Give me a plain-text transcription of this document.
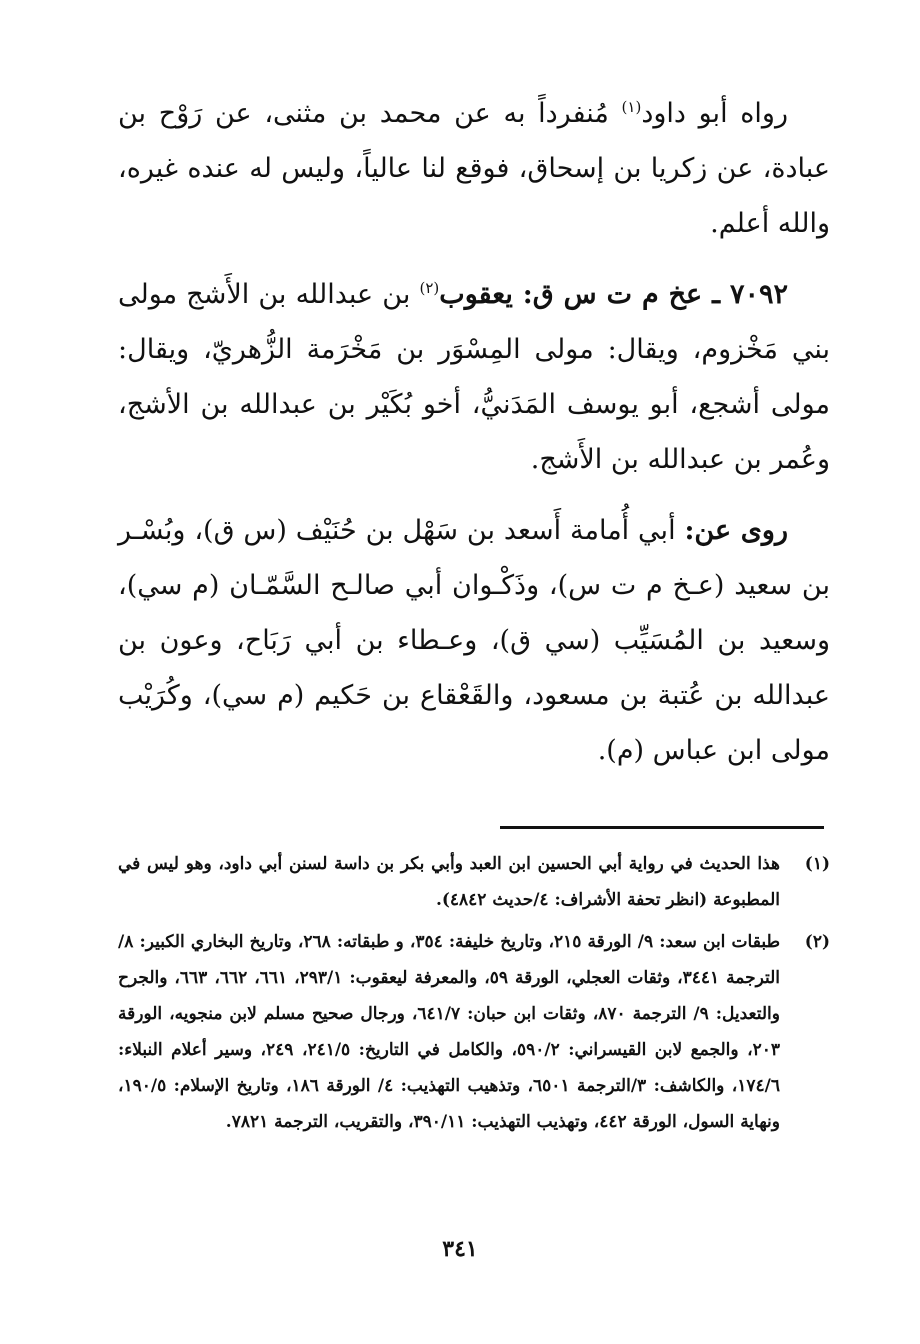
رواه أبو داود$^{(١)}$ مُنفرداً به عن محمد بن مثنى، عن رَوْح بن عبادة، عن زكريا بن إسحاق، فوقع لنا عالياً، وليس له عنده غيره، والله أعلم.

٧٠٩٢ ـ عخ م ت س ق: يعقوب$^{(٢)}$ بن عبدالله بن الأَشج مولى بني مَخْزوم، ويقال: مولى المِسْوَر بن مَخْرَمة الزُّهريّ، ويقال: مولى أشجع، أبو يوسف المَدَنيُّ، أخو بُكَيْر بن عبدالله بن الأشج، وعُمر بن عبدالله بن الأَشج.

روى عن: أبي أُمامة أَسعد بن سَهْل بن حُنَيْف (س ق)، وبُسْـر بن سعيد (عـخ م ت س)، وذَكْـوان أبي صالـح السَّمّـان (م سي)، وسعيد بن المُسَيِّب (سي ق)، وعـطاء بن أبي رَبَاح، وعون بن عبدالله بن عُتبة بن مسعود، والقَعْقاع بن حَكيم (م سي)، وكُرَيْب مولى ابن عباس (م).

(١)
هذا الحديث في رواية أبي الحسين ابن العبد وأبي بكر بن داسة لسنن أبي داود، وهو ليس في المطبوعة (انظر تحفة الأشراف: ٤/حديث ٤٨٤٢).
(٢)
طبقات ابن سعد: ٩/ الورقة ٢١٥، وتاريخ خليفة: ٣٥٤، و طبقاته: ٢٦٨، وتاريخ البخاري الكبير: ٨/ الترجمة ٣٤٤١، وثقات العجلي، الورقة ٥٩، والمعرفة ليعقوب: ٢٩٣/١، ٦٦١، ٦٦٢، ٦٦٣، والجرح والتعديل: ٩/ الترجمة ٨٧٠، وثقات ابن حبان: ٦٤١/٧، ورجال صحيح مسلم لابن منجويه، الورقة ٢٠٣، والجمع لابن القيسراني: ٥٩٠/٢، والكامل في التاريخ: ٢٤١/٥، ٢٤٩، وسير أعلام النبلاء: ١٧٤/٦، والكاشف: ٣/الترجمة ٦٥٠١، وتذهيب التهذيب: ٤/ الورقة ١٨٦، وتاريخ الإسلام: ١٩٠/٥، ونهاية السول، الورقة ٤٤٢، وتهذيب التهذيب: ٣٩٠/١١، والتقريب، الترجمة ٧٨٢١.
٣٤١
